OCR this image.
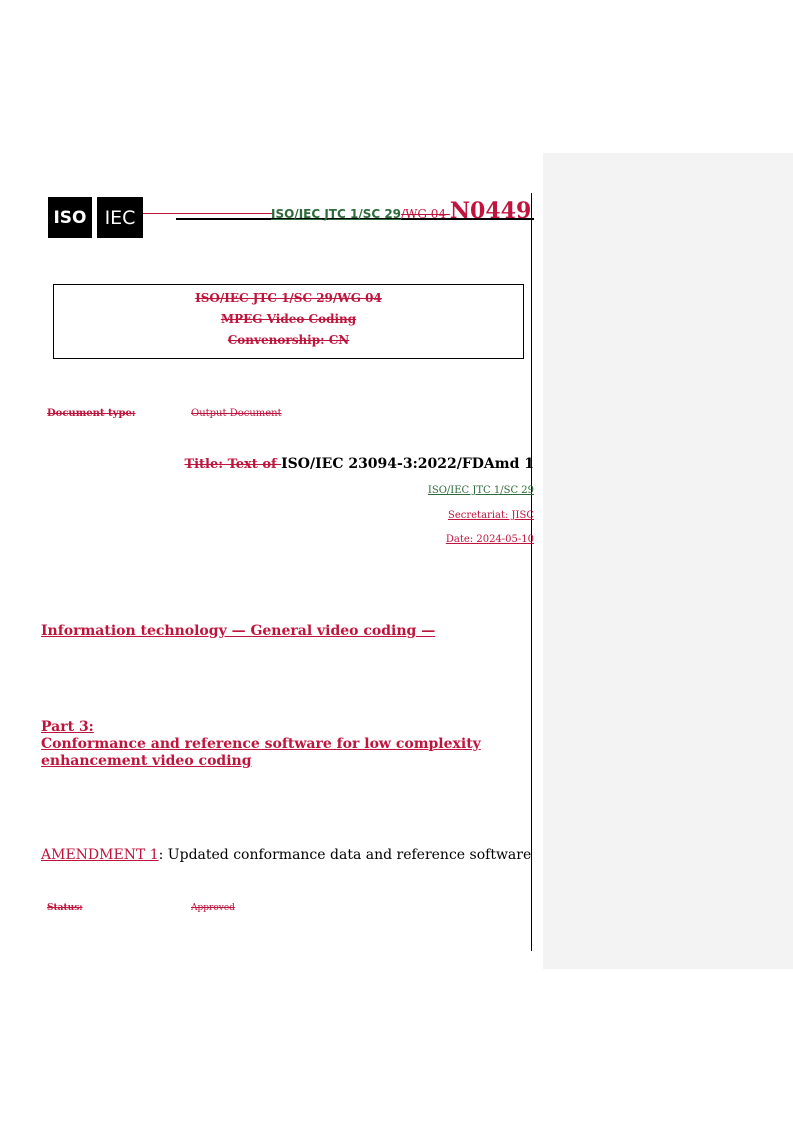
ISO IEC	ISO/IEC JTC 1/SC 29/WG 04 N0449
ISO/IEC JTC 1/SC 29/WG 04
MPEG Video Coding
Convenorship: CN
Document type:	Output Document
Title: Text of ISO/IEC 23094-3:2022/FDAmd 1
ISO/IEC JTC 1/SC 29
Secretariat: JISC
Date: 2024-05-10
Information technology — General video coding —
Part 3:
Conformance and reference software for low complexity
enhancement video coding
AMENDMENT 1: Updated conformance data and reference software
Status:	Approved
